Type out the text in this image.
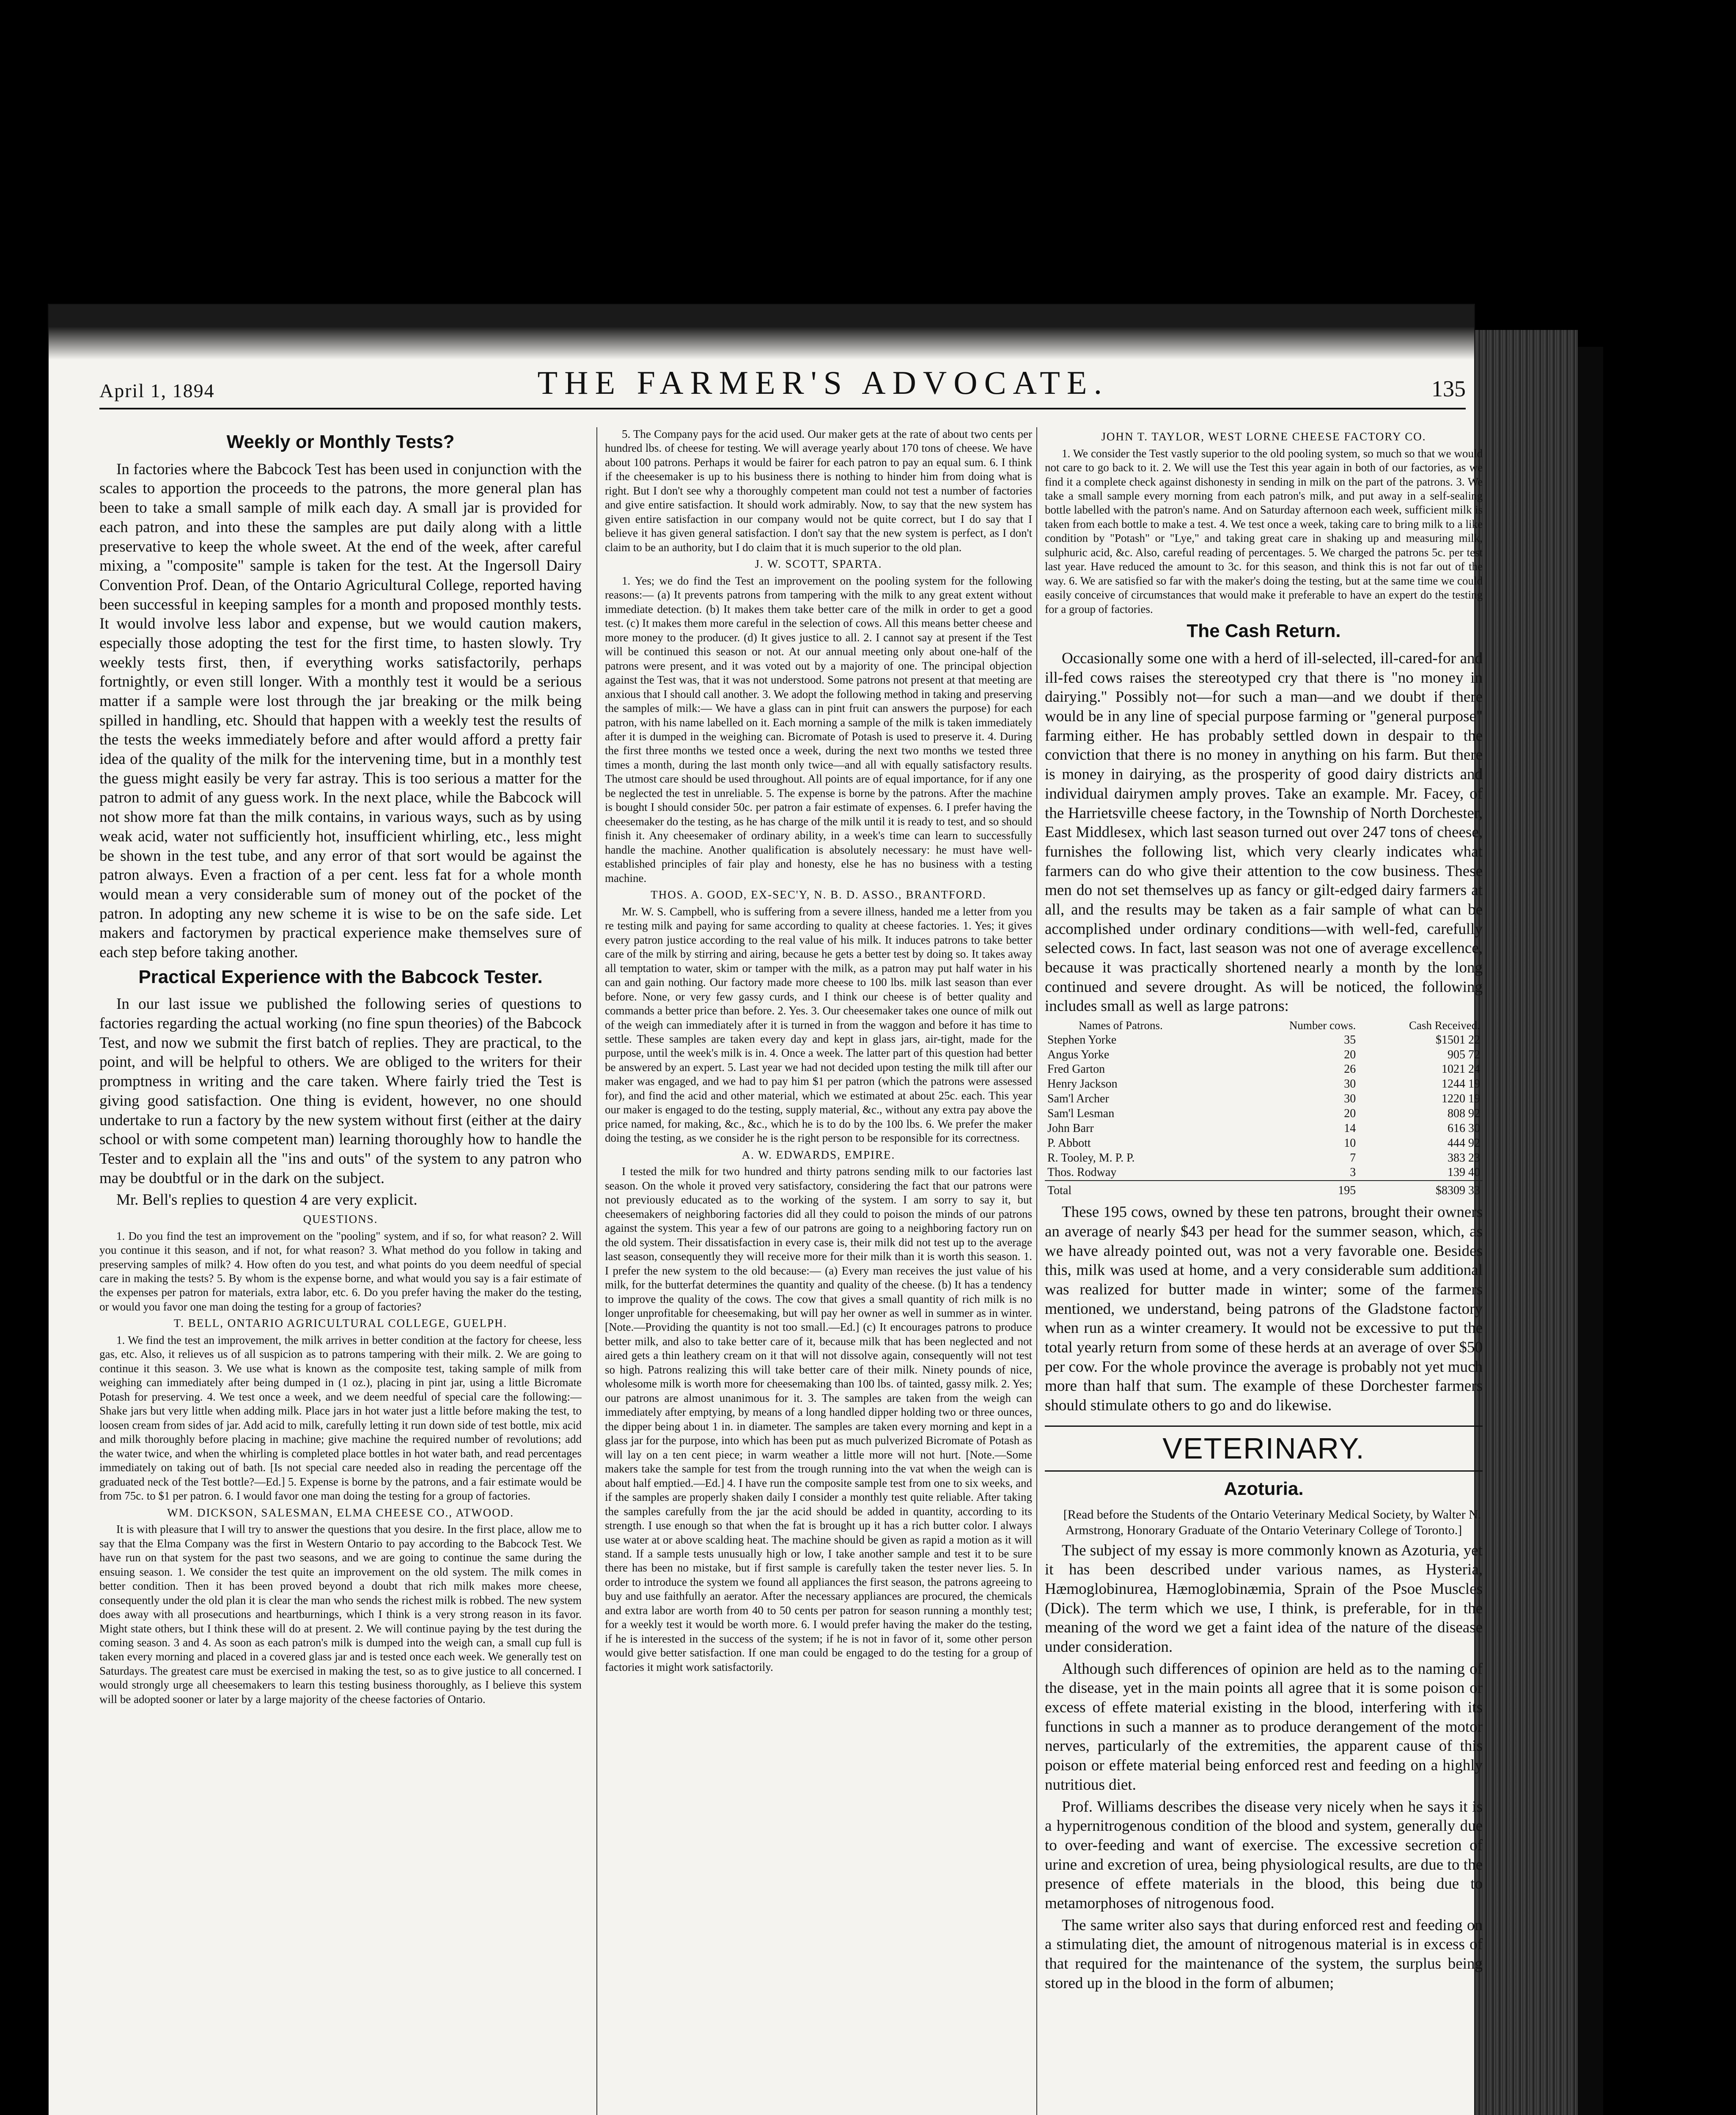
April 1, 1894	THE FARMER'S ADVOCATE.	135
Weekly or Monthly Tests?

In factories where the Babcock Test has been used in conjunction with the scales to apportion the proceeds to the patrons, the more general plan has been to take a small sample of milk each day. A small jar is provided for each patron, and into these the samples are put daily along with a little preservative to keep the whole sweet. At the end of the week, after careful mixing, a "composite" sample is taken for the test. At the Ingersoll Dairy Convention Prof. Dean, of the Ontario Agricultural College, reported having been successful in keeping samples for a month and proposed monthly tests. It would involve less labor and expense, but we would caution makers, especially those adopting the test for the first time, to hasten slowly. Try weekly tests first, then, if everything works satisfactorily, perhaps fortnightly, or even still longer. With a monthly test it would be a serious matter if a sample were lost through the jar breaking or the milk being spilled in handling, etc. Should that happen with a weekly test the results of the tests the weeks immediately before and after would afford a pretty fair idea of the quality of the milk for the intervening time, but in a monthly test the guess might easily be very far astray. This is too serious a matter for the patron to admit of any guess work. In the next place, while the Babcock will not show more fat than the milk contains, in various ways, such as by using weak acid, water not sufficiently hot, insufficient whirling, etc., less might be shown in the test tube, and any error of that sort would be against the patron always. Even a fraction of a per cent. less fat for a whole month would mean a very considerable sum of money out of the pocket of the patron. In adopting any new scheme it is wise to be on the safe side. Let makers and factorymen by practical experience make themselves sure of each step before taking another.

Practical Experience with the Babcock Tester.

In our last issue we published the following series of questions to factories regarding the actual working (no fine spun theories) of the Babcock Test, and now we submit the first batch of replies. They are practical, to the point, and will be helpful to others. We are obliged to the writers for their promptness in writing and the care taken. Where fairly tried the Test is giving good satisfaction. One thing is evident, however, no one should undertake to run a factory by the new system without first (either at the dairy school or with some competent man) learning thoroughly how to handle the Tester and to explain all the "ins and outs" of the system to any patron who may be doubtful or in the dark on the subject.

Mr. Bell's replies to question 4 are very explicit.

QUESTIONS.

1. Do you find the test an improvement on the "pooling" system, and if so, for what reason? 2. Will you continue it this season, and if not, for what reason? 3. What method do you follow in taking and preserving samples of milk? 4. How often do you test, and what points do you deem needful of special care in making the tests? 5. By whom is the expense borne, and what would you say is a fair estimate of the expenses per patron for materials, extra labor, etc. 6. Do you prefer having the maker do the testing, or would you favor one man doing the testing for a group of factories?

T. BELL, ONTARIO AGRICULTURAL COLLEGE, GUELPH.

1. We find the test an improvement, the milk arrives in better condition at the factory for cheese, less gas, etc. Also, it relieves us of all suspicion as to patrons tampering with their milk. 2. We are going to continue it this season. 3. We use what is known as the composite test, taking sample of milk from weighing can immediately after being dumped in (1 oz.), placing in pint jar, using a little Bicromate Potash for preserving. 4. We test once a week, and we deem needful of special care the following:—Shake jars but very little when adding milk. Place jars in hot water just a little before making the test, to loosen cream from sides of jar. Add acid to milk, carefully letting it run down side of test bottle, mix acid and milk thoroughly before placing in machine; give machine the required number of revolutions; add the water twice, and when the whirling is completed place bottles in hot water bath, and read percentages immediately on taking out of bath. [Is not special care needed also in reading the percentage off the graduated neck of the Test bottle?—Ed.] 5. Expense is borne by the patrons, and a fair estimate would be from 75c. to $1 per patron. 6. I would favor one man doing the testing for a group of factories.

WM. DICKSON, SALESMAN, ELMA CHEESE CO., ATWOOD.

It is with pleasure that I will try to answer the questions that you desire. In the first place, allow me to say that the Elma Company was the first in Western Ontario to pay according to the Babcock Test. We have run on that system for the past two seasons, and we are going to continue the same during the ensuing season. 1. We consider the test quite an improvement on the old system. The milk comes in better condition. Then it has been proved beyond a doubt that rich milk makes more cheese, consequently under the old plan it is clear the man who sends the richest milk is robbed. The new system does away with all prosecutions and heartburnings, which I think is a very strong reason in its favor. Might state others, but I think these will do at present. 2. We will continue paying by the test during the coming season. 3 and 4. As soon as each patron's milk is dumped into the weigh can, a small cup full is taken every morning and placed in a covered glass jar and is tested once each week. We generally test on Saturdays. The greatest care must be exercised in making the test, so as to give justice to all concerned. I would strongly urge all cheesemakers to learn this testing business thoroughly, as I believe this system will be adopted sooner or later by a large majority of the cheese factories of Ontario.

5. The Company pays for the acid used. Our maker gets at the rate of about two cents per hundred lbs. of cheese for testing. We will average yearly about 170 tons of cheese. We have about 100 patrons. Perhaps it would be fairer for each patron to pay an equal sum. 6. I think if the cheesemaker is up to his business there is nothing to hinder him from doing what is right. But I don't see why a thoroughly competent man could not test a number of factories and give entire satisfaction. It should work admirably. Now, to say that the new system has given entire satisfaction in our company would not be quite correct, but I do say that I believe it has given general satisfaction. I don't say that the new system is perfect, as I don't claim to be an authority, but I do claim that it is much superior to the old plan.

J. W. SCOTT, SPARTA.

1. Yes; we do find the Test an improvement on the pooling system for the following reasons:— (a) It prevents patrons from tampering with the milk to any great extent without immediate detection. (b) It makes them take better care of the milk in order to get a good test. (c) It makes them more careful in the selection of cows. All this means better cheese and more money to the producer. (d) It gives justice to all. 2. I cannot say at present if the Test will be continued this season or not. At our annual meeting only about one-half of the patrons were present, and it was voted out by a majority of one. The principal objection against the Test was, that it was not understood. Some patrons not present at that meeting are anxious that I should call another. 3. We adopt the following method in taking and preserving the samples of milk:— We have a glass can in pint fruit can answers the purpose) for each patron, with his name labelled on it. Each morning a sample of the milk is taken immediately after it is dumped in the weighing can. Bicromate of Potash is used to preserve it. 4. During the first three months we tested once a week, during the next two months we tested three times a month, during the last month only twice—and all with equally satisfactory results. The utmost care should be used throughout. All points are of equal importance, for if any one be neglected the test in unreliable. 5. The expense is borne by the patrons. After the machine is bought I should consider 50c. per patron a fair estimate of expenses. 6. I prefer having the cheesemaker do the testing, as he has charge of the milk until it is ready to test, and so should finish it. Any cheesemaker of ordinary ability, in a week's time can learn to successfully handle the machine. Another qualification is absolutely necessary: he must have well-established principles of fair play and honesty, else he has no business with a testing machine.

THOS. A. GOOD, EX-SEC'Y, N. B. D. ASSO., BRANTFORD.

Mr. W. S. Campbell, who is suffering from a severe illness, handed me a letter from you re testing milk and paying for same according to quality at cheese factories. 1. Yes; it gives every patron justice according to the real value of his milk. It induces patrons to take better care of the milk by stirring and airing, because he gets a better test by doing so. It takes away all temptation to water, skim or tamper with the milk, as a patron may put half water in his can and gain nothing. Our factory made more cheese to 100 lbs. milk last season than ever before. None, or very few gassy curds, and I think our cheese is of better quality and commands a better price than before. 2. Yes. 3. Our cheesemaker takes one ounce of milk out of the weigh can immediately after it is turned in from the waggon and before it has time to settle. These samples are taken every day and kept in glass jars, air-tight, made for the purpose, until the week's milk is in. 4. Once a week. The latter part of this question had better be answered by an expert. 5. Last year we had not decided upon testing the milk till after our maker was engaged, and we had to pay him $1 per patron (which the patrons were assessed for), and find the acid and other material, which we estimated at about 25c. each. This year our maker is engaged to do the testing, supply material, &c., without any extra pay above the price named, for making, &c., &c., which he is to do by the 100 lbs. 6. We prefer the maker doing the testing, as we consider he is the right person to be responsible for its correctness.

A. W. EDWARDS, EMPIRE.

I tested the milk for two hundred and thirty patrons sending milk to our factories last season. On the whole it proved very satisfactory, considering the fact that our patrons were not previously educated as to the working of the system. I am sorry to say it, but cheesemakers of neighboring factories did all they could to poison the minds of our patrons against the system. This year a few of our patrons are going to a neighboring factory run on the old system. Their dissatisfaction in every case is, their milk did not test up to the average last season, consequently they will receive more for their milk than it is worth this season. 1. I prefer the new system to the old because:— (a) Every man receives the just value of his milk, for the butterfat determines the quantity and quality of the cheese. (b) It has a tendency to improve the quality of the cows. The cow that gives a small quantity of rich milk is no longer unprofitable for cheesemaking, but will pay her owner as well in summer as in winter. [Note.—Providing the quantity is not too small.—Ed.] (c) It encourages patrons to produce better milk, and also to take better care of it, because milk that has been neglected and not aired gets a thin leathery cream on it that will not dissolve again, consequently will not test so high. Patrons realizing this will take better care of their milk. Ninety pounds of nice, wholesome milk is worth more for cheesemaking than 100 lbs. of tainted, gassy milk. 2. Yes; our patrons are almost unanimous for it. 3. The samples are taken from the weigh can immediately after emptying, by means of a long handled dipper holding two or three ounces, the dipper being about 1 in. in diameter. The samples are taken every morning and kept in a glass jar for the purpose, into which has been put as much pulverized Bicromate of Potash as will lay on a ten cent piece; in warm weather a little more will not hurt. [Note.—Some makers take the sample for test from the trough running into the vat when the weigh can is about half emptied.—Ed.] 4. I have run the composite sample test from one to six weeks, and if the samples are properly shaken daily I consider a monthly test quite reliable. After taking the samples carefully from the jar the acid should be added in quantity, according to its strength. I use enough so that when the fat is brought up it has a rich butter color. I always use water at or above scalding heat. The machine should be given as rapid a motion as it will stand. If a sample tests unusually high or low, I take another sample and test it to be sure there has been no mistake, but if first sample is carefully taken the tester never lies. 5. In order to introduce the system we found all appliances the first season, the patrons agreeing to buy and use faithfully an aerator. After the necessary appliances are procured, the chemicals and extra labor are worth from 40 to 50 cents per patron for season running a monthly test; for a weekly test it would be worth more. 6. I would prefer having the maker do the testing, if he is interested in the success of the system; if he is not in favor of it, some other person would give better satisfaction. If one man could be engaged to do the testing for a group of factories it might work satisfactorily.

JOHN T. TAYLOR, WEST LORNE CHEESE FACTORY CO.

1. We consider the Test vastly superior to the old pooling system, so much so that we would not care to go back to it. 2. We will use the Test this year again in both of our factories, as we find it a complete check against dishonesty in sending in milk on the part of the patrons. 3. We take a small sample every morning from each patron's milk, and put away in a self-sealing bottle labelled with the patron's name. And on Saturday afternoon each week, sufficient milk is taken from each bottle to make a test. 4. We test once a week, taking care to bring milk to a like condition by "Potash" or "Lye," and taking great care in shaking up and measuring milk, sulphuric acid, &c. Also, careful reading of percentages. 5. We charged the patrons 5c. per test last year. Have reduced the amount to 3c. for this season, and think this is not far out of the way. 6. We are satisfied so far with the maker's doing the testing, but at the same time we could easily conceive of circumstances that would make it preferable to have an expert do the testing for a group of factories.

The Cash Return.

Occasionally some one with a herd of ill-selected, ill-cared-for and ill-fed cows raises the stereotyped cry that there is "no money in dairying." Possibly not—for such a man—and we doubt if there would be in any line of special purpose farming or "general purpose" farming either. He has probably settled down in despair to the conviction that there is no money in anything on his farm. But there is money in dairying, as the prosperity of good dairy districts and individual dairymen amply proves. Take an example. Mr. Facey, of the Harrietsville cheese factory, in the Township of North Dorchester, East Middlesex, which last season turned out over 247 tons of cheese, furnishes the following list, which very clearly indicates what farmers can do who give their attention to the cow business. These men do not set themselves up as fancy or gilt-edged dairy farmers at all, and the results may be taken as a fair sample of what can be accomplished under ordinary conditions—with well-fed, carefully selected cows. In fact, last season was not one of average excellence, because it was practically shortened nearly a month by the long continued and severe drought. As will be noticed, the following includes small as well as large patrons:

Names of Patrons.	Number cows.	Cash Received.
Stephen Yorke	35	$1501 22
Angus Yorke	20	905 72
Fred Garton	26	1021 24
Henry Jackson	30	1244 19
Sam'l Archer	30	1220 19
Sam'l Lesman	20	808 92
John Barr	14	616 30
P. Abbott	10	444 92
R. Tooley, M. P. P.	7	383 23
Thos. Rodway	3	139 40
Total	195	$8309 33

These 195 cows, owned by these ten patrons, brought their owners an average of nearly $43 per head for the summer season, which, as we have already pointed out, was not a very favorable one. Besides this, milk was used at home, and a very considerable sum additional was realized for butter made in winter; some of the farmers mentioned, we understand, being patrons of the Gladstone factory when run as a winter creamery. It would not be excessive to put the total yearly return from some of these herds at an average of over $50 per cow. For the whole province the average is probably not yet much more than half that sum. The example of these Dorchester farmers should stimulate others to go and do likewise.

VETERINARY.
Azoturia.

[Read before the Students of the Ontario Veterinary Medical Society, by Walter N. Armstrong, Honorary Graduate of the Ontario Veterinary College of Toronto.]

The subject of my essay is more commonly known as Azoturia, yet it has been described under various names, as Hysteria, Hæmoglobinurea, Hæmoglobinæmia, Sprain of the Psoe Muscles (Dick). The term which we use, I think, is preferable, for in the meaning of the word we get a faint idea of the nature of the disease under consideration.

Although such differences of opinion are held as to the naming of the disease, yet in the main points all agree that it is some poison or excess of effete material existing in the blood, interfering with its functions in such a manner as to produce derangement of the motor nerves, particularly of the extremities, the apparent cause of this poison or effete material being enforced rest and feeding on a highly nutritious diet.

Prof. Williams describes the disease very nicely when he says it is a hypernitrogenous condition of the blood and system, generally due to over-feeding and want of exercise. The excessive secretion of urine and excretion of urea, being physiological results, are due to the presence of effete materials in the blood, this being due to metamorphoses of nitrogenous food.

The same writer also says that during enforced rest and feeding on a stimulating diet, the amount of nitrogenous material is in excess of that required for the maintenance of the system, the surplus being stored up in the blood in the form of albumen;
